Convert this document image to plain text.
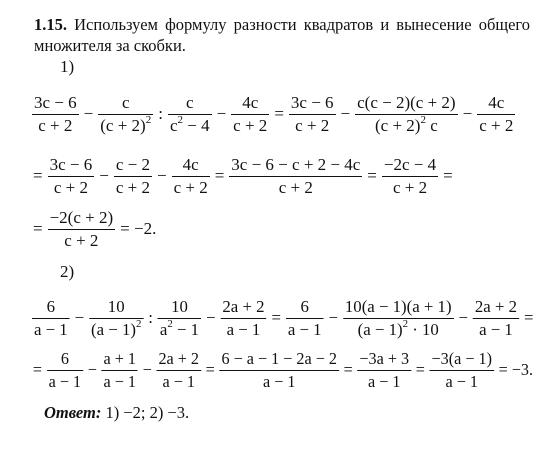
1.15. Используем формулу разности квадратов и вынесение общего множителя за скобки.
1)
$\frac{3c - 6}{c + 2} - \frac{c}{(c + 2)^2}$ : $\frac{c}{c^2 - 4} - \frac{4c}{c + 2} = \frac{3c - 6}{c + 2} - \frac{c(c - 2)(c + 2)}{(c + 2)^2 c} - \frac{4c}{c + 2}$
= $\frac{3c - 6}{c + 2} - \frac{c - 2}{c + 2} - \frac{4c}{c + 2} = \frac{3c - 6 - c + 2 - 4c}{c + 2} = \frac{-2c - 4}{c + 2}$ =
= $\frac{-2(c + 2)}{c + 2} = -2$.
2)
$\frac{6}{a - 1} - \frac{10}{(a - 1)^2}$ : $\frac{10}{a^2 - 1} - \frac{2a + 2}{a - 1} = \frac{6}{a - 1} - \frac{10(a - 1)(a + 1)}{(a - 1)^2 \cdot 10} - \frac{2a + 2}{a - 1}$ =
= $\frac{6}{a - 1} - \frac{a + 1}{a - 1} - \frac{2a + 2}{a - 1} = \frac{6 - a - 1 - 2a - 2}{a - 1} = \frac{-3a + 3}{a - 1} = \frac{-3(a - 1)}{a - 1} = -3$.
Ответ: 1) −2; 2) −3.
